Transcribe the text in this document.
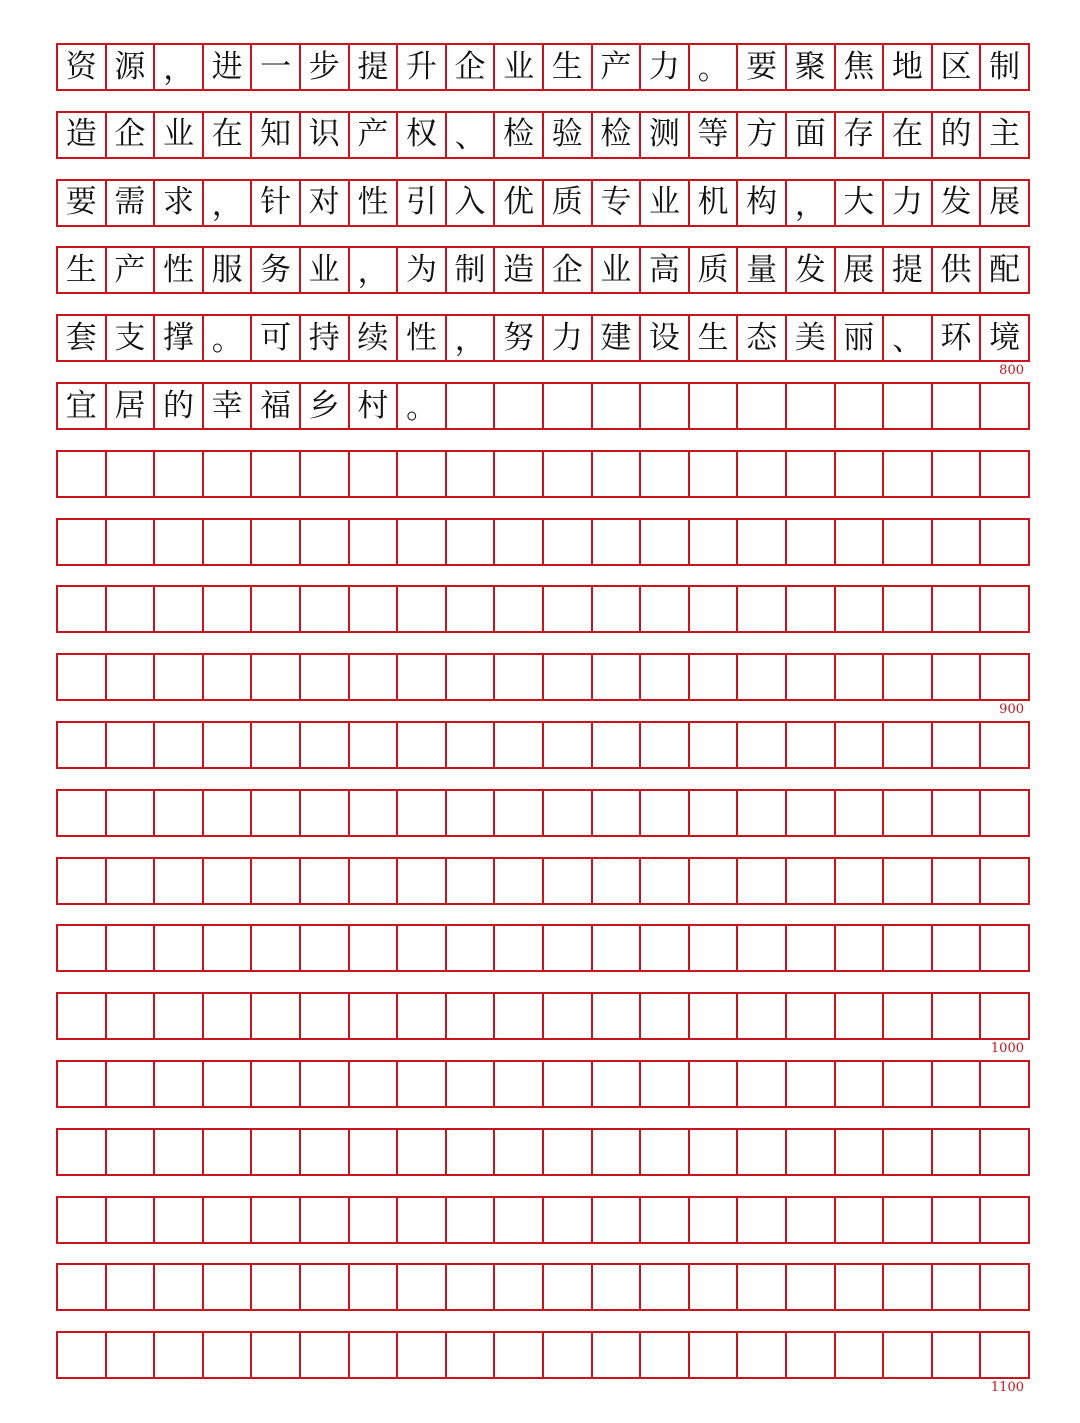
资 源 ， 进 一 步 提 升 企 业 生 产 力 。 要 聚 焦 地 区 制
造 企 业 在 知 识 产 权 、 检 验 检 测 等 方 面 存 在 的 主
要 需 求 ， 针 对 性 引 入 优 质 专 业 机 构 ， 大 力 发 展
生 产 性 服 务 业 ， 为 制 造 企 业 高 质 量 发 展 提 供 配
套 支 撑 。 可 持 续 性 ， 努 力 建 设 生 态 美 丽 、 环 境
宜 居 的 幸 福 乡 村 。
800
900
1000
1100
